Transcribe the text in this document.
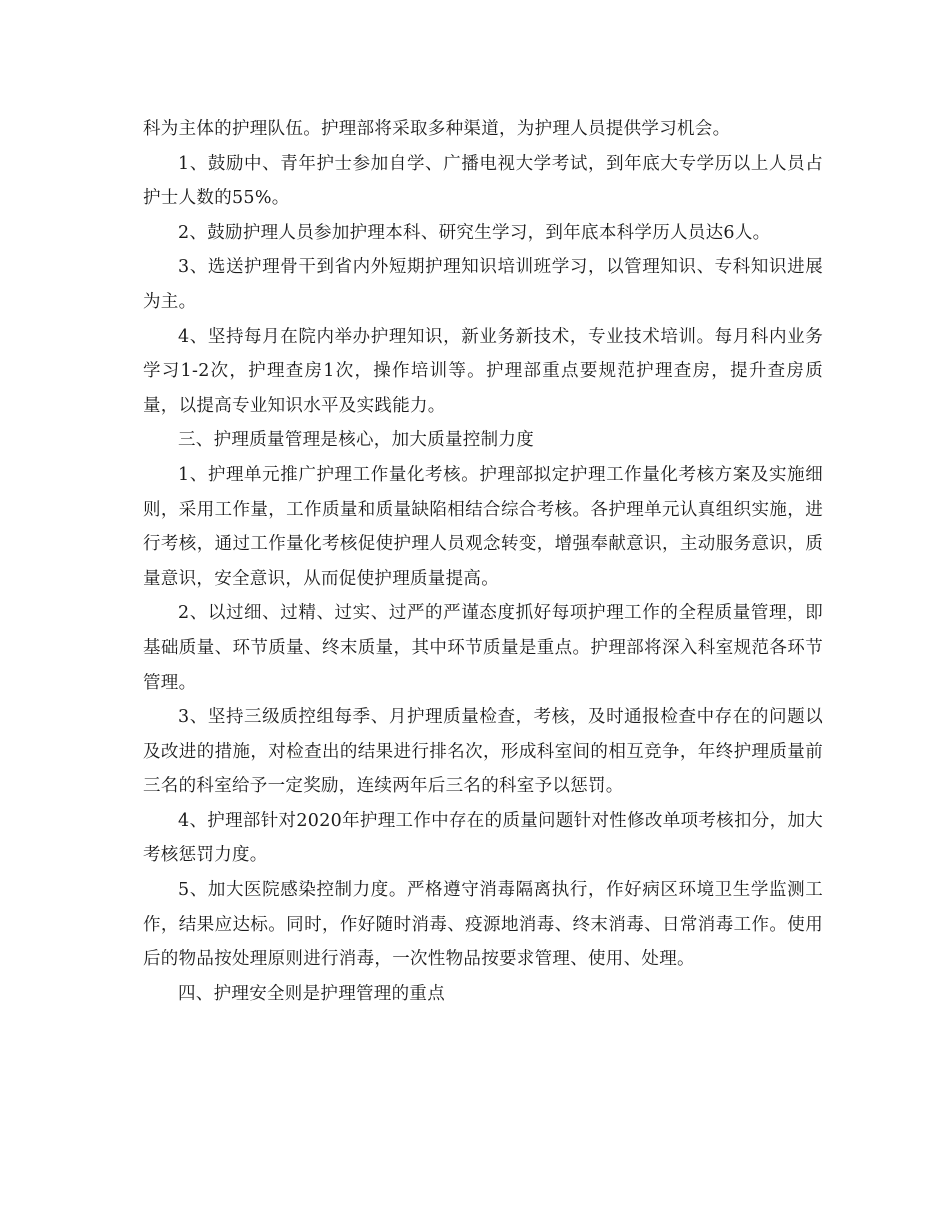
科为主体的护理队伍。护理部将采取多种渠道，为护理人员提供学习机会。

1、鼓励中、青年护士参加自学、广播电视大学考试，到年底大专学历以上人员占护士人数的55%。

2、鼓励护理人员参加护理本科、研究生学习，到年底本科学历人员达6人。

3、选送护理骨干到省内外短期护理知识培训班学习，以管理知识、专科知识进展为主。

4、坚持每月在院内举办护理知识，新业务新技术，专业技术培训。每月科内业务学习1-2次，护理查房1次，操作培训等。护理部重点要规范护理查房，提升查房质量，以提高专业知识水平及实践能力。

三、护理质量管理是核心，加大质量控制力度

1、护理单元推广护理工作量化考核。护理部拟定护理工作量化考核方案及实施细则，采用工作量，工作质量和质量缺陷相结合综合考核。各护理单元认真组织实施，进行考核，通过工作量化考核促使护理人员观念转变，增强奉献意识，主动服务意识，质量意识，安全意识，从而促使护理质量提高。

2、以过细、过精、过实、过严的严谨态度抓好每项护理工作的全程质量管理，即基础质量、环节质量、终末质量，其中环节质量是重点。护理部将深入科室规范各环节管理。

3、坚持三级质控组每季、月护理质量检查，考核，及时通报检查中存在的问题以及改进的措施，对检查出的结果进行排名次，形成科室间的相互竞争，年终护理质量前三名的科室给予一定奖励，连续两年后三名的科室予以惩罚。

4、护理部针对2020年护理工作中存在的质量问题针对性修改单项考核扣分，加大考核惩罚力度。

5、加大医院感染控制力度。严格遵守消毒隔离执行，作好病区环境卫生学监测工作，结果应达标。同时，作好随时消毒、疫源地消毒、终末消毒、日常消毒工作。使用后的物品按处理原则进行消毒，一次性物品按要求管理、使用、处理。

四、护理安全则是护理管理的重点
